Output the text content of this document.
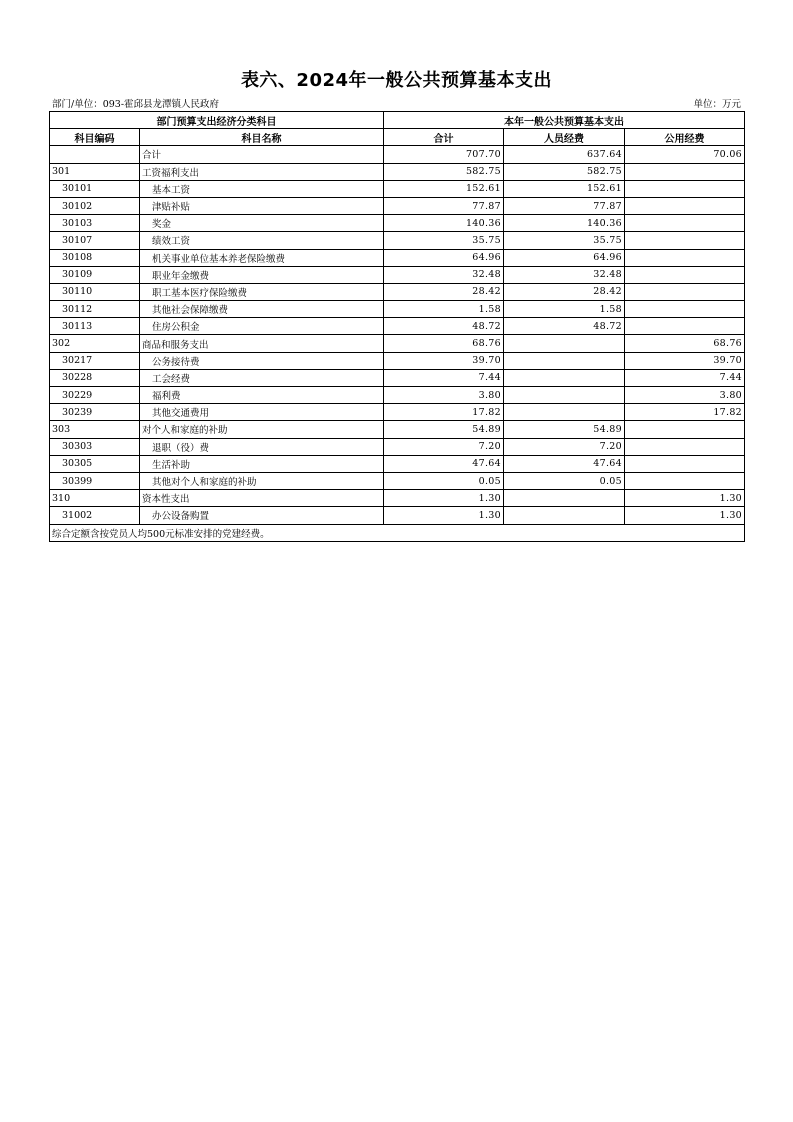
表六、2024年一般公共预算基本支出
部门/单位：093-霍邱县龙潭镇人民政府	单位：万元
部门预算支出经济分类科目		本年一般公共预算基本支出		
科目编码	科目名称	合计	人员经费	公用经费
	合计	707.70	637.64	70.06
301	工资福利支出	582.75	582.75	
30101	基本工资	152.61	152.61	
30102	津贴补贴	77.87	77.87	
30103	奖金	140.36	140.36	
30107	绩效工资	35.75	35.75	
30108	机关事业单位基本养老保险缴费	64.96	64.96	
30109	职业年金缴费	32.48	32.48	
30110	职工基本医疗保险缴费	28.42	28.42	
30112	其他社会保障缴费	1.58	1.58	
30113	住房公积金	48.72	48.72	
302	商品和服务支出	68.76		68.76
30217	公务接待费	39.70		39.70
30228	工会经费	7.44		7.44
30229	福利费	3.80		3.80
30239	其他交通费用	17.82		17.82
303	对个人和家庭的补助	54.89	54.89	
30303	退职（役）费	7.20	7.20	
30305	生活补助	47.64	47.64	
30399	其他对个人和家庭的补助	0.05	0.05	
310	资本性支出	1.30		1.30
31002	办公设备购置	1.30		1.30
综合定额含按党员人均500元标准安排的党建经费。				
